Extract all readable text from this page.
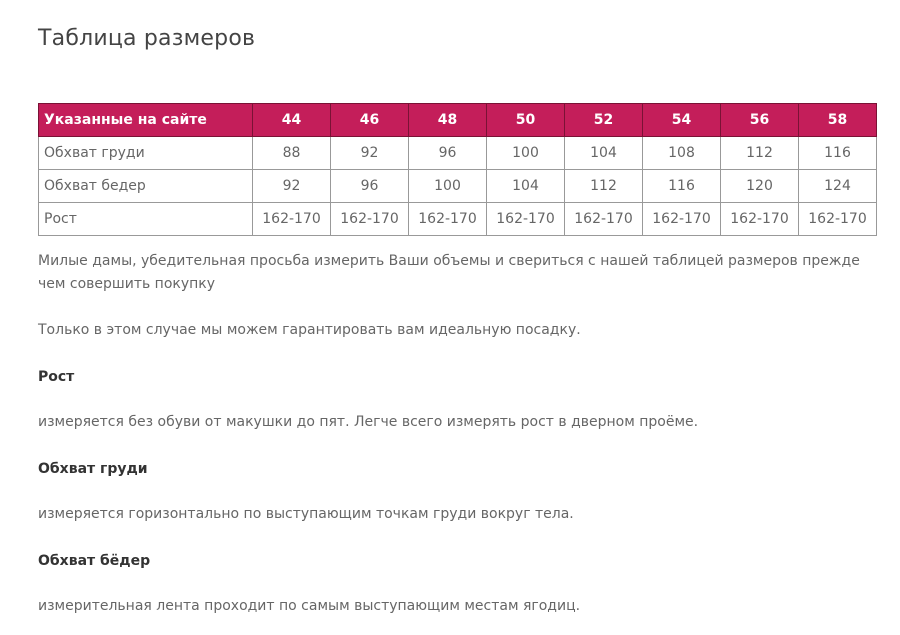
Таблица размеров
Указанные на сайте	44	46	48	50	52	54	56	58
Обхват груди	88	92	96	100	104	108	112	116
Обхват бедер	92	96	100	104	112	116	120	124
Рост	162-170	162-170	162-170	162-170	162-170	162-170	162-170	162-170

Милые дамы, убедительная просьба измерить Ваши объемы и свериться с нашей таблицей размеров прежде чем совершить покупку

Только в этом случае мы можем гарантировать вам идеальную посадку.

Рост

измеряется без обуви от макушки до пят. Легче всего измерять рост в дверном проёме.

Обхват груди

измеряется горизонтально по выступающим точкам груди вокруг тела.

Обхват бёдер

измерительная лента проходит по самым выступающим местам ягодиц.
